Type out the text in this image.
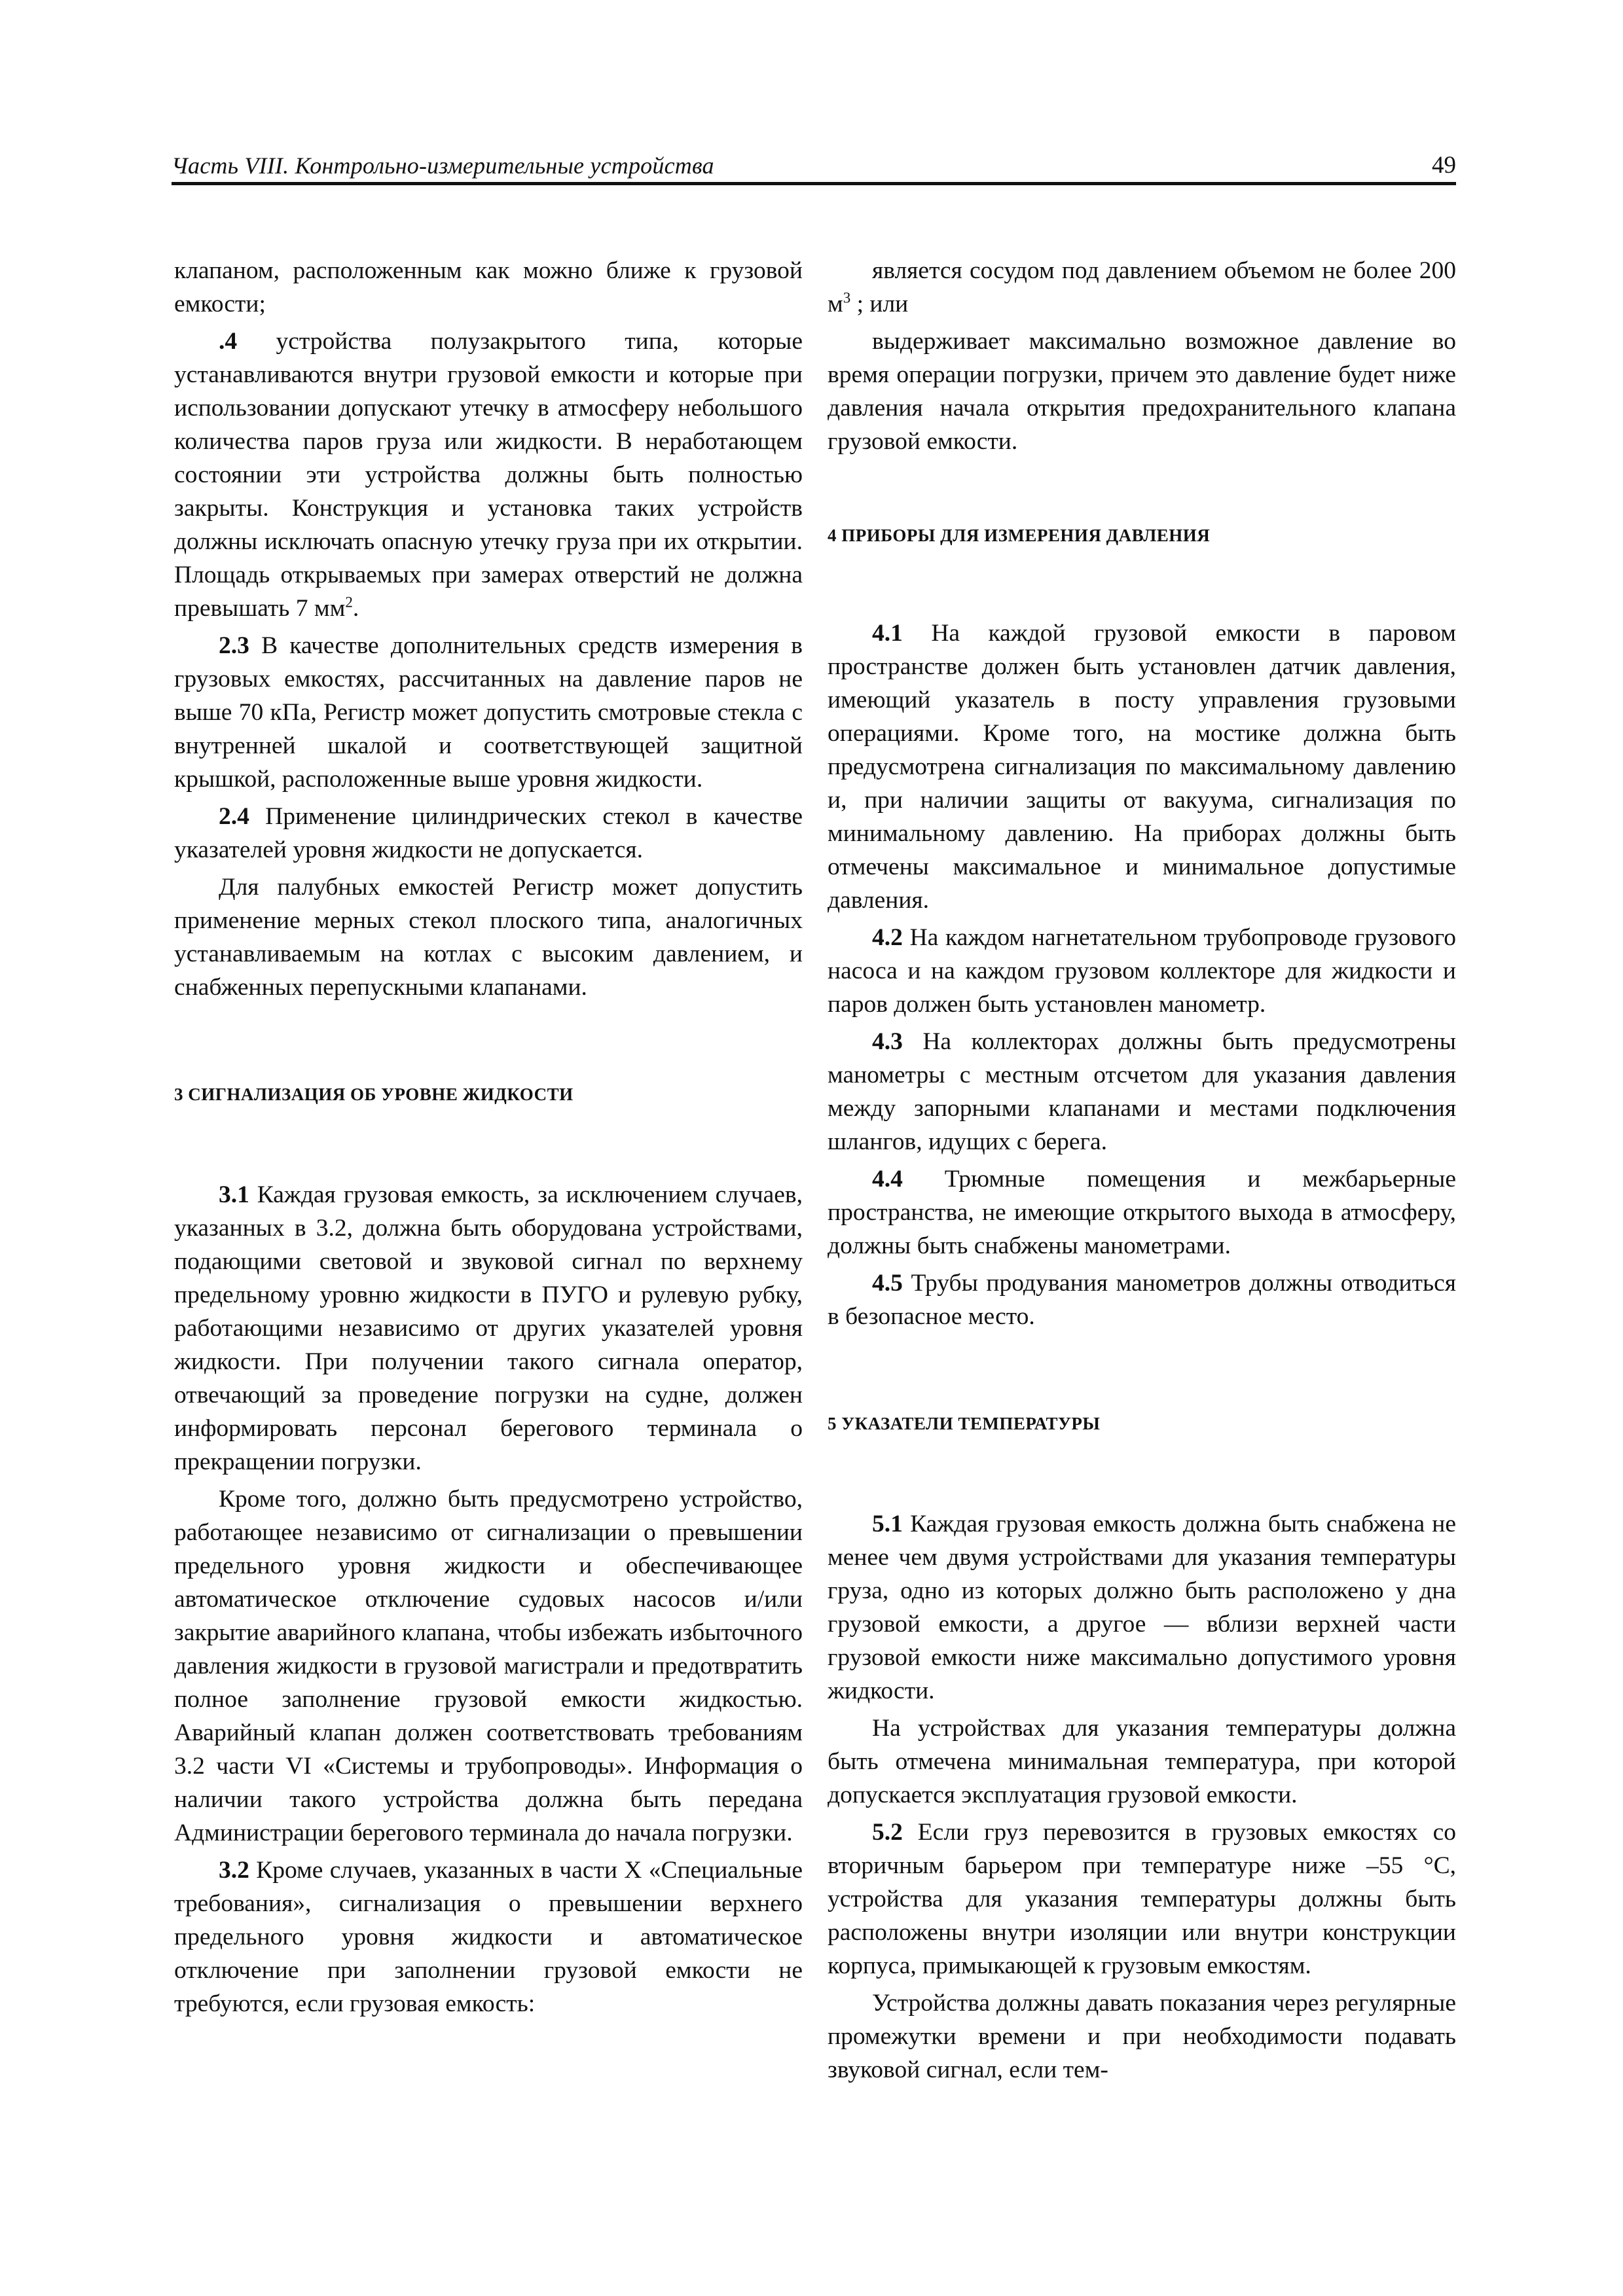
Часть VIII. Контрольно-измерительные устройства	49

клапаном, расположенным как можно ближе к грузовой емкости;

.4 устройства полузакрытого типа, которые устанавливаются внутри грузовой емкости и которые при использовании допускают утечку в атмосферу небольшого количества паров груза или жидкости. В неработающем состоянии эти устройства должны быть полностью закрыты. Конструкция и установка таких устройств должны исключать опасную утечку груза при их открытии. Площадь открываемых при замерах отверстий не должна превышать 7 $мм^2$.

2.3 В качестве дополнительных средств измерения в грузовых емкостях, рассчитанных на давление паров не выше 70 кПа, Регистр может допустить смотровые стекла с внутренней шкалой и соответствующей защитной крышкой, расположенные выше уровня жидкости.

2.4 Применение цилиндрических стекол в качестве указателей уровня жидкости не допускается.

Для палубных емкостей Регистр может допустить применение мерных стекол плоского типа, аналогичных устанавливаемым на котлах с высоким давлением, и снабженных перепускными клапанами.

3 СИГНАЛИЗАЦИЯ ОБ УРОВНЕ ЖИДКОСТИ

3.1 Каждая грузовая емкость, за исключением случаев, указанных в 3.2, должна быть оборудована устройствами, подающими световой и звуковой сигнал по верхнему предельному уровню жидкости в ПУГО и рулевую рубку, работающими независимо от других указателей уровня жидкости. При получении такого сигнала оператор, отвечающий за проведение погрузки на судне, должен информировать персонал берегового терминала о прекращении погрузки.

Кроме того, должно быть предусмотрено устройство, работающее независимо от сигнализации о превышении предельного уровня жидкости и обеспечивающее автоматическое отключение судовых насосов и/или закрытие аварийного клапана, чтобы избежать избыточного давления жидкости в грузовой магистрали и предотвратить полное заполнение грузовой емкости жидкостью. Аварийный клапан должен соответствовать требованиям 3.2 части VI «Системы и трубопроводы». Информация о наличии такого устройства должна быть передана Администрации берегового терминала до начала погрузки.

3.2 Кроме случаев, указанных в части X «Специальные требования», сигнализация о превышении верхнего предельного уровня жидкости и автоматическое отключение при заполнении грузовой емкости не требуются, если грузовая емкость:

является сосудом под давлением объемом не более 200 $м^3$ ; или

выдерживает максимально возможное давление во время операции погрузки, причем это давление будет ниже давления начала открытия предохранительного клапана грузовой емкости.

4 ПРИБОРЫ ДЛЯ ИЗМЕРЕНИЯ ДАВЛЕНИЯ

4.1 На каждой грузовой емкости в паровом пространстве должен быть установлен датчик давления, имеющий указатель в посту управления грузовыми операциями. Кроме того, на мостике должна быть предусмотрена сигнализация по максимальному давлению и, при наличии защиты от вакуума, сигнализация по минимальному давлению. На приборах должны быть отмечены максимальное и минимальное допустимые давления.

4.2 На каждом нагнетательном трубопроводе грузового насоса и на каждом грузовом коллекторе для жидкости и паров должен быть установлен манометр.

4.3 На коллекторах должны быть предусмотрены манометры с местным отсчетом для указания давления между запорными клапанами и местами подключения шлангов, идущих с берега.

4.4 Трюмные помещения и межбарьерные пространства, не имеющие открытого выхода в атмосферу, должны быть снабжены манометрами.

4.5 Трубы продувания манометров должны отводиться в безопасное место.

5 УКАЗАТЕЛИ ТЕМПЕРАТУРЫ

5.1 Каждая грузовая емкость должна быть снабжена не менее чем двумя устройствами для указания температуры груза, одно из которых должно быть расположено у дна грузовой емкости, а другое — вблизи верхней части грузовой емкости ниже максимально допустимого уровня жидкости.

На устройствах для указания температуры должна быть отмечена минимальная температура, при которой допускается эксплуатация грузовой емкости.

5.2 Если груз перевозится в грузовых емкостях со вторичным барьером при температуре ниже –55 °С, устройства для указания температуры должны быть расположены внутри изоляции или внутри конструкции корпуса, примыкающей к грузовым емкостям.

Устройства должны давать показания через регулярные промежутки времени и при необходимости подавать звуковой сигнал, если тем-
